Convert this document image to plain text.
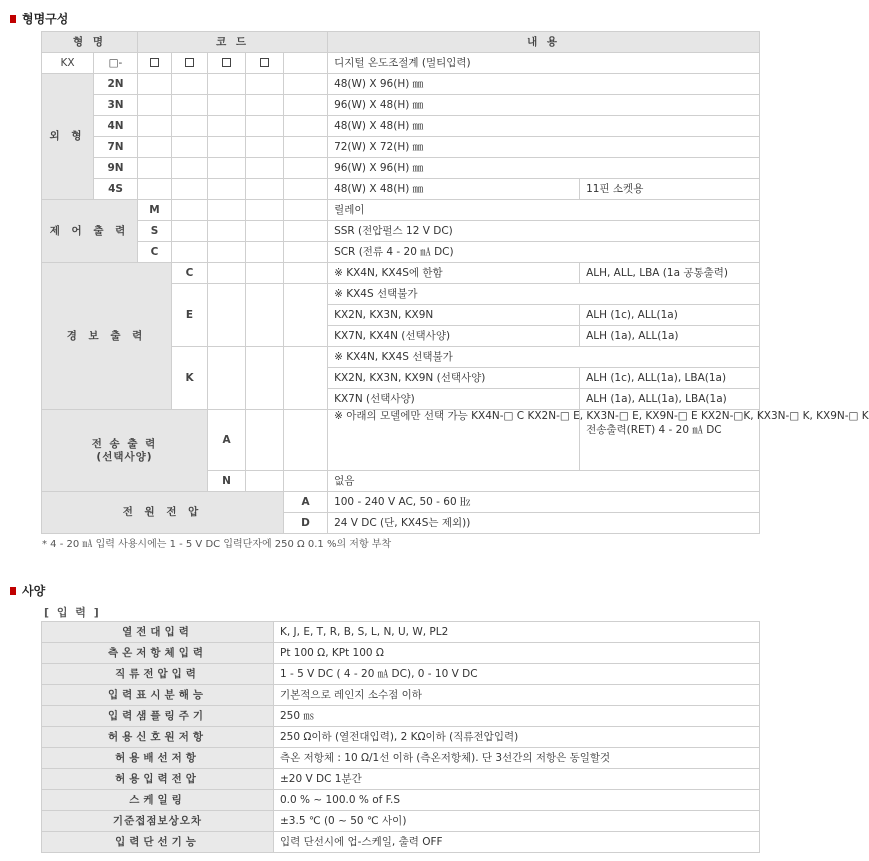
형명구성
형 명		코 드					내 용	
KX	□-						디지털 온도조절계 (멀티입력)	
외 형	2N						48(W) X 96(H) ㎜	
	3N						96(W) X 48(H) ㎜	
	4N						48(W) X 48(H) ㎜	
	7N						72(W) X 72(H) ㎜	
	9N						96(W) X 96(H) ㎜	
	4S						48(W) X 48(H) ㎜	11핀 소켓용
제 어 출 력		M					릴레이	
		S					SSR (전압펄스 12 V DC)	
		C					SCR (전류 4 - 20 ㎃ DC)	
경 보 출 력			C				※ KX4N, KX4S에 한함	ALH, ALL, LBA (1a 공통출력)
			E				※ KX4S 선택불가	
							KX2N, KX3N, KX9N	ALH (1c), ALL(1a)
							KX7N, KX4N (선택사양)	ALH (1a), ALL(1a)
			K				※ KX4N, KX4S 선택불가	
							KX2N, KX3N, KX9N (선택사양)	ALH (1c), ALL(1a), LBA(1a)
							KX7N (선택사양)	ALH (1a), ALL(1a), LBA(1a)

전 송 출 력
(선택사양)				A			※ 아래의 모델에만 선택 가능 KX4N-□ C KX2N-□ E, KX3N-□ E, KX9N-□ E KX2N-□K, KX3N-□ K, KX9N-□ K	전송출력(RET) 4 - 20 ㎃ DC
				N			없음	
전 원 전 압						A	100 - 240 V AC, 50 - 60 ㎐	
						D	24 V DC (단, KX4S는 제외))	
* 4 - 20 ㎃ 입력 사용시에는 1 - 5 V DC 입력단자에 250 Ω 0.1 %의 저항 부착
사양
[ 입 력 ]
열전대입력	K, J, E, T, R, B, S, L, N, U, W, PL2
측온저항체입력	Pt 100 Ω, KPt 100 Ω
직류전압입력	1 - 5 V DC ( 4 - 20 ㎃ DC), 0 - 10 V DC
입력표시분해능	기본적으로 레인지 소수점 이하
입력샘플링주기	250 ㎳
허용신호원저항	250 Ω이하 (열전대입력), 2 KΩ이하 (직류전압입력)
허용배선저항	측온 저항체 : 10 Ω/1선 이하 (측온저항체). 단 3선간의 저항은 동일할것
허용입력전압	±20 V DC 1분간
스케일링	0.0 % ~ 100.0 % of F.S
기준접점보상오차	±3.5 ℃ (0 ~ 50 ℃ 사이)
입력단선기능	입력 단선시에 업-스케일, 출력 OFF
